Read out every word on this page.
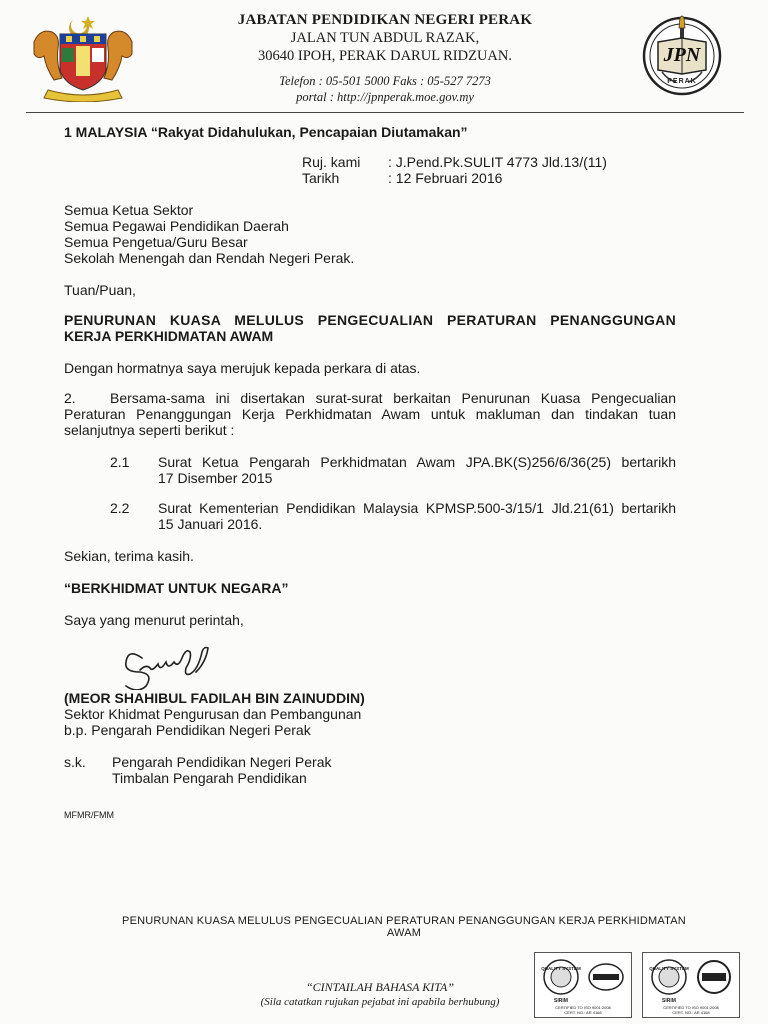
JABATAN PENDIDIKAN NEGERI PERAK
JALAN TUN ABDUL RAZAK,
30640 IPOH, PERAK DARUL RIDZUAN.
Telefon : 05-501 5000 Faks : 05-527 7273
portal : http://jpnperak.moe.gov.my
JPN
PERAK
1 MALAYSIA “Rakyat Didahulukan, Pencapaian Diutamakan”
Ruj. kami : J.Pend.Pk.SULIT 4773 Jld.13/(11)
Tarikh	: 12 Februari 2016
Semua Ketua Sektor
Semua Pegawai Pendidikan Daerah
Semua Pengetua/Guru Besar
Sekolah Menengah dan Rendah Negeri Perak.
Tuan/Puan,
PENURUNAN KUASA MELULUS PENGECUALIAN PERATURAN PENANGGUNGAN
KERJA PERKHIDMATAN AWAM
Dengan hormatnya saya merujuk kepada perkara di atas.
2. Bersama-sama ini disertakan surat-surat berkaitan Penurunan Kuasa Pengecualian
Peraturan Penanggungan Kerja Perkhidmatan Awam untuk makluman dan tindakan tuan
selanjutnya seperti berikut :
2.1 Surat Ketua Pengarah Perkhidmatan Awam JPA.BK(S)256/6/36(25) bertarikh
17 Disember 2015
2.2 Surat Kementerian Pendidikan Malaysia KPMSP.500-3/15/1 Jld.21(61) bertarikh
15 Januari 2016.
Sekian, terima kasih.
“BERKHIDMAT UNTUK NEGARA”
Saya yang menurut perintah,
(MEOR SHAHIBUL FADILAH BIN ZAINUDDIN)
Sektor Khidmat Pengurusan dan Pembangunan
b.p. Pengarah Pendidikan Negeri Perak
s.k. Pengarah Pendidikan Negeri Perak
Timbalan Pengarah Pendidikan
MFMR/FMM
PENURUNAN KUASA MELULUS PENGECUALIAN PERATURAN PENANGGUNGAN KERJA PERKHIDMATAN AWAM
“CINTAILAH BAHASA KITA”
(Sila catatkan rujukan pejabat ini apabila berhubung)
QUALITY SYSTEM
SIRIM
CERTIFIED TO ISO 9001:2008
CERT. NO.: AR 4168
QUALITY SYSTEM
SIRIM
CERTIFIED TO ISO 9001:2008
CERT. NO.: AR 4168
